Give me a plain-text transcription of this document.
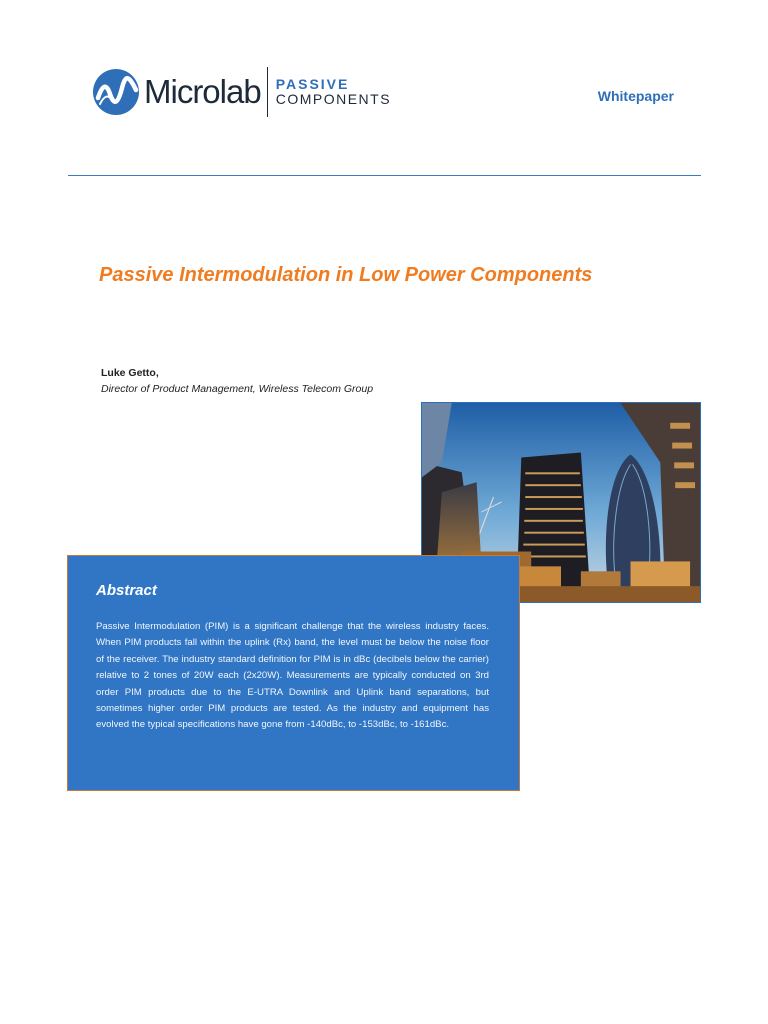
Microlab PASSIVE
COMPONENTS	Whitepaper
Passive Intermodulation in Low Power Components
Luke Getto,
Director of Product Management, Wireless Telecom Group
Abstract

Passive Intermodulation (PIM) is a significant challenge that the wireless industry faces. When PIM products fall within the uplink (Rx) band, the level must be below the noise floor of the receiver. The industry standard definition for PIM is in dBc (decibels below the carrier) relative to 2 tones of 20W each (2x20W). Measurements are typically conducted on 3rd order PIM products due to the E-UTRA Downlink and Uplink band separations, but sometimes higher order PIM products are tested. As the industry and equipment has evolved the typical specifications have gone from -140dBc, to -153dBc, to -161dBc.
